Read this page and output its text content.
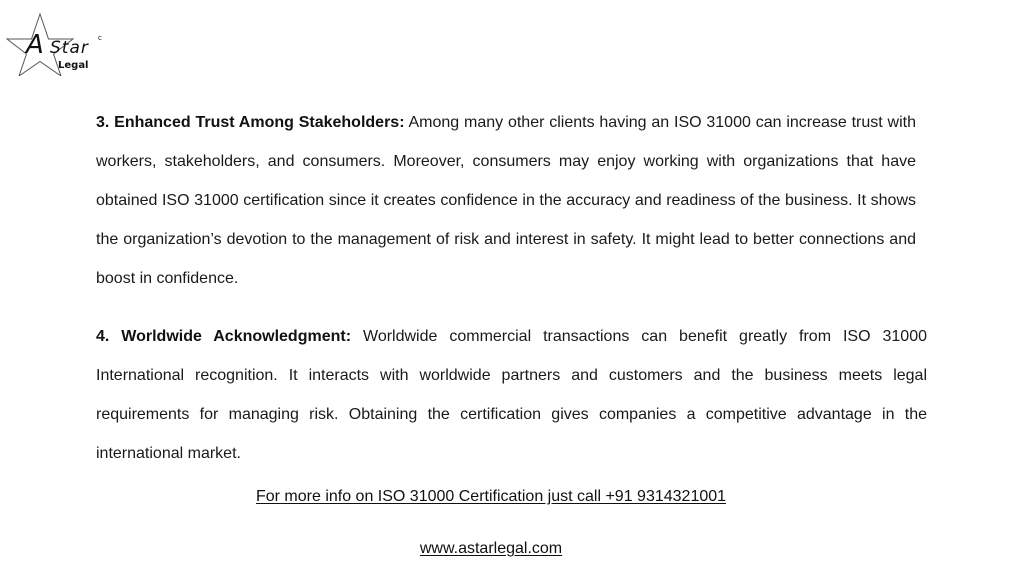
A Star
Legal
c

3. Enhanced Trust Among Stakeholders: Among many other clients having an ISO 31000 can increase trust with workers, stakeholders, and consumers. Moreover, consumers may enjoy working with organizations that have obtained ISO 31000 certification since it creates confidence in the accuracy and readiness of the business. It shows the organization’s devotion to the management of risk and interest in safety. It might lead to better connections and boost in confidence.

4. Worldwide Acknowledgment: Worldwide commercial transactions can benefit greatly from ISO 31000 International recognition. It interacts with worldwide partners and customers and the business meets legal requirements for managing risk. Obtaining the certification gives companies a competitive advantage in the international market.

For more info on ISO 31000 Certification just call +91 9314321001
www.astarlegal.com
